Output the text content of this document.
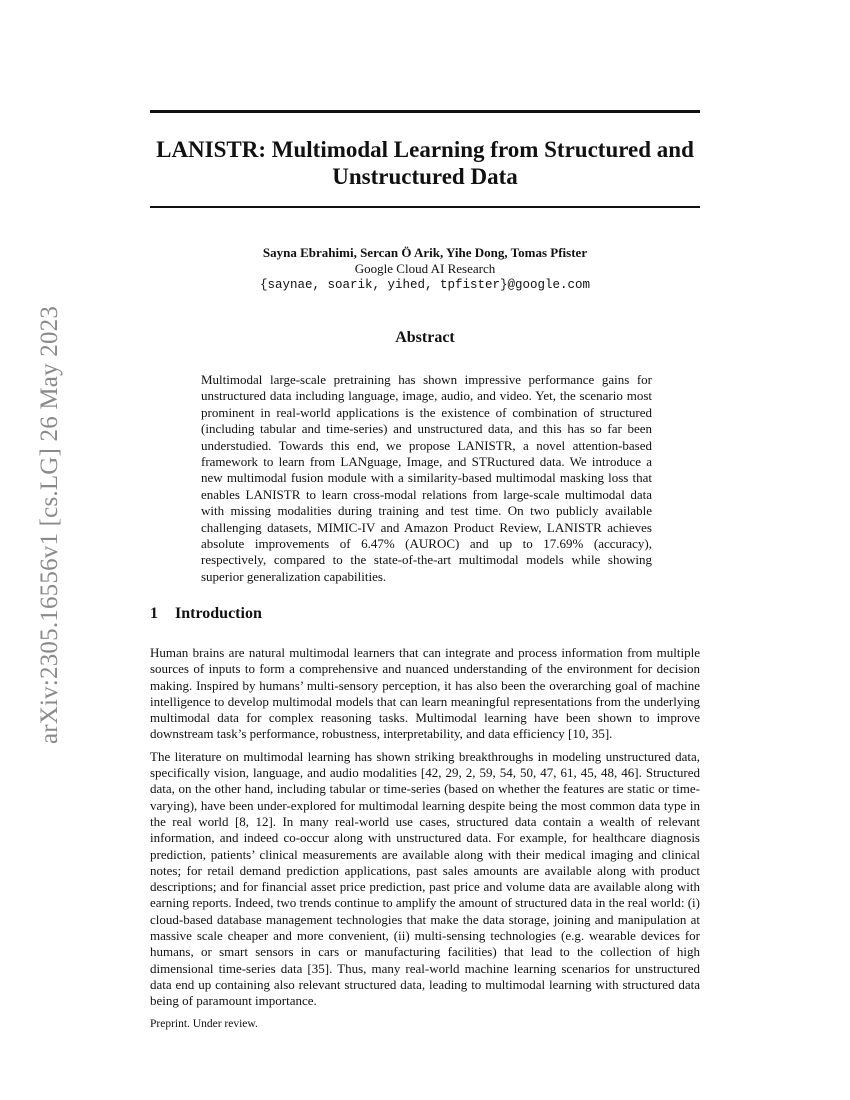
arXiv:2305.16556v1 [cs.LG] 26 May 2023
LANISTR: Multimodal Learning from Structured and Unstructured Data
Sayna Ebrahimi, Sercan Ö Arik, Yihe Dong, Tomas Pfister
Google Cloud AI Research
{saynae, soarik, yihed, tpfister}@google.com
Abstract

Multimodal large-scale pretraining has shown impressive performance gains for unstructured data including language, image, audio, and video. Yet, the scenario most prominent in real-world applications is the existence of combination of structured (including tabular and time-series) and unstructured data, and this has so far been understudied. Towards this end, we propose LANISTR, a novel attention-based framework to learn from LANguage, Image, and STRuctured data. We introduce a new multimodal fusion module with a similarity-based multimodal masking loss that enables LANISTR to learn cross-modal relations from large-scale multimodal data with missing modalities during training and test time. On two publicly available challenging datasets, MIMIC-IV and Amazon Product Review, LANISTR achieves absolute improvements of 6.47% (AUROC) and up to 17.69% (accuracy), respectively, compared to the state-of-the-art multimodal models while showing superior generalization capabilities.

1 Introduction

Human brains are natural multimodal learners that can integrate and process information from multiple sources of inputs to form a comprehensive and nuanced understanding of the environment for decision making. Inspired by humans’ multi-sensory perception, it has also been the overarching goal of machine intelligence to develop multimodal models that can learn meaningful representations from the underlying multimodal data for complex reasoning tasks. Multimodal learning have been shown to improve downstream task’s performance, robustness, interpretability, and data efficiency [10, 35].

The literature on multimodal learning has shown striking breakthroughs in modeling unstructured data, specifically vision, language, and audio modalities [42, 29, 2, 59, 54, 50, 47, 61, 45, 48, 46]. Structured data, on the other hand, including tabular or time-series (based on whether the features are static or time-varying), have been under-explored for multimodal learning despite being the most common data type in the real world [8, 12]. In many real-world use cases, structured data contain a wealth of relevant information, and indeed co-occur along with unstructured data. For example, for healthcare diagnosis prediction, patients’ clinical measurements are available along with their medical imaging and clinical notes; for retail demand prediction applications, past sales amounts are available along with product descriptions; and for financial asset price prediction, past price and volume data are available along with earning reports. Indeed, two trends continue to amplify the amount of structured data in the real world: (i) cloud-based database management technologies that make the data storage, joining and manipulation at massive scale cheaper and more convenient, (ii) multi-sensing technologies (e.g. wearable devices for humans, or smart sensors in cars or manufacturing facilities) that lead to the collection of high dimensional time-series data [35]. Thus, many real-world machine learning scenarios for unstructured data end up containing also relevant structured data, leading to multimodal learning with structured data being of paramount importance.

Preprint. Under review.
